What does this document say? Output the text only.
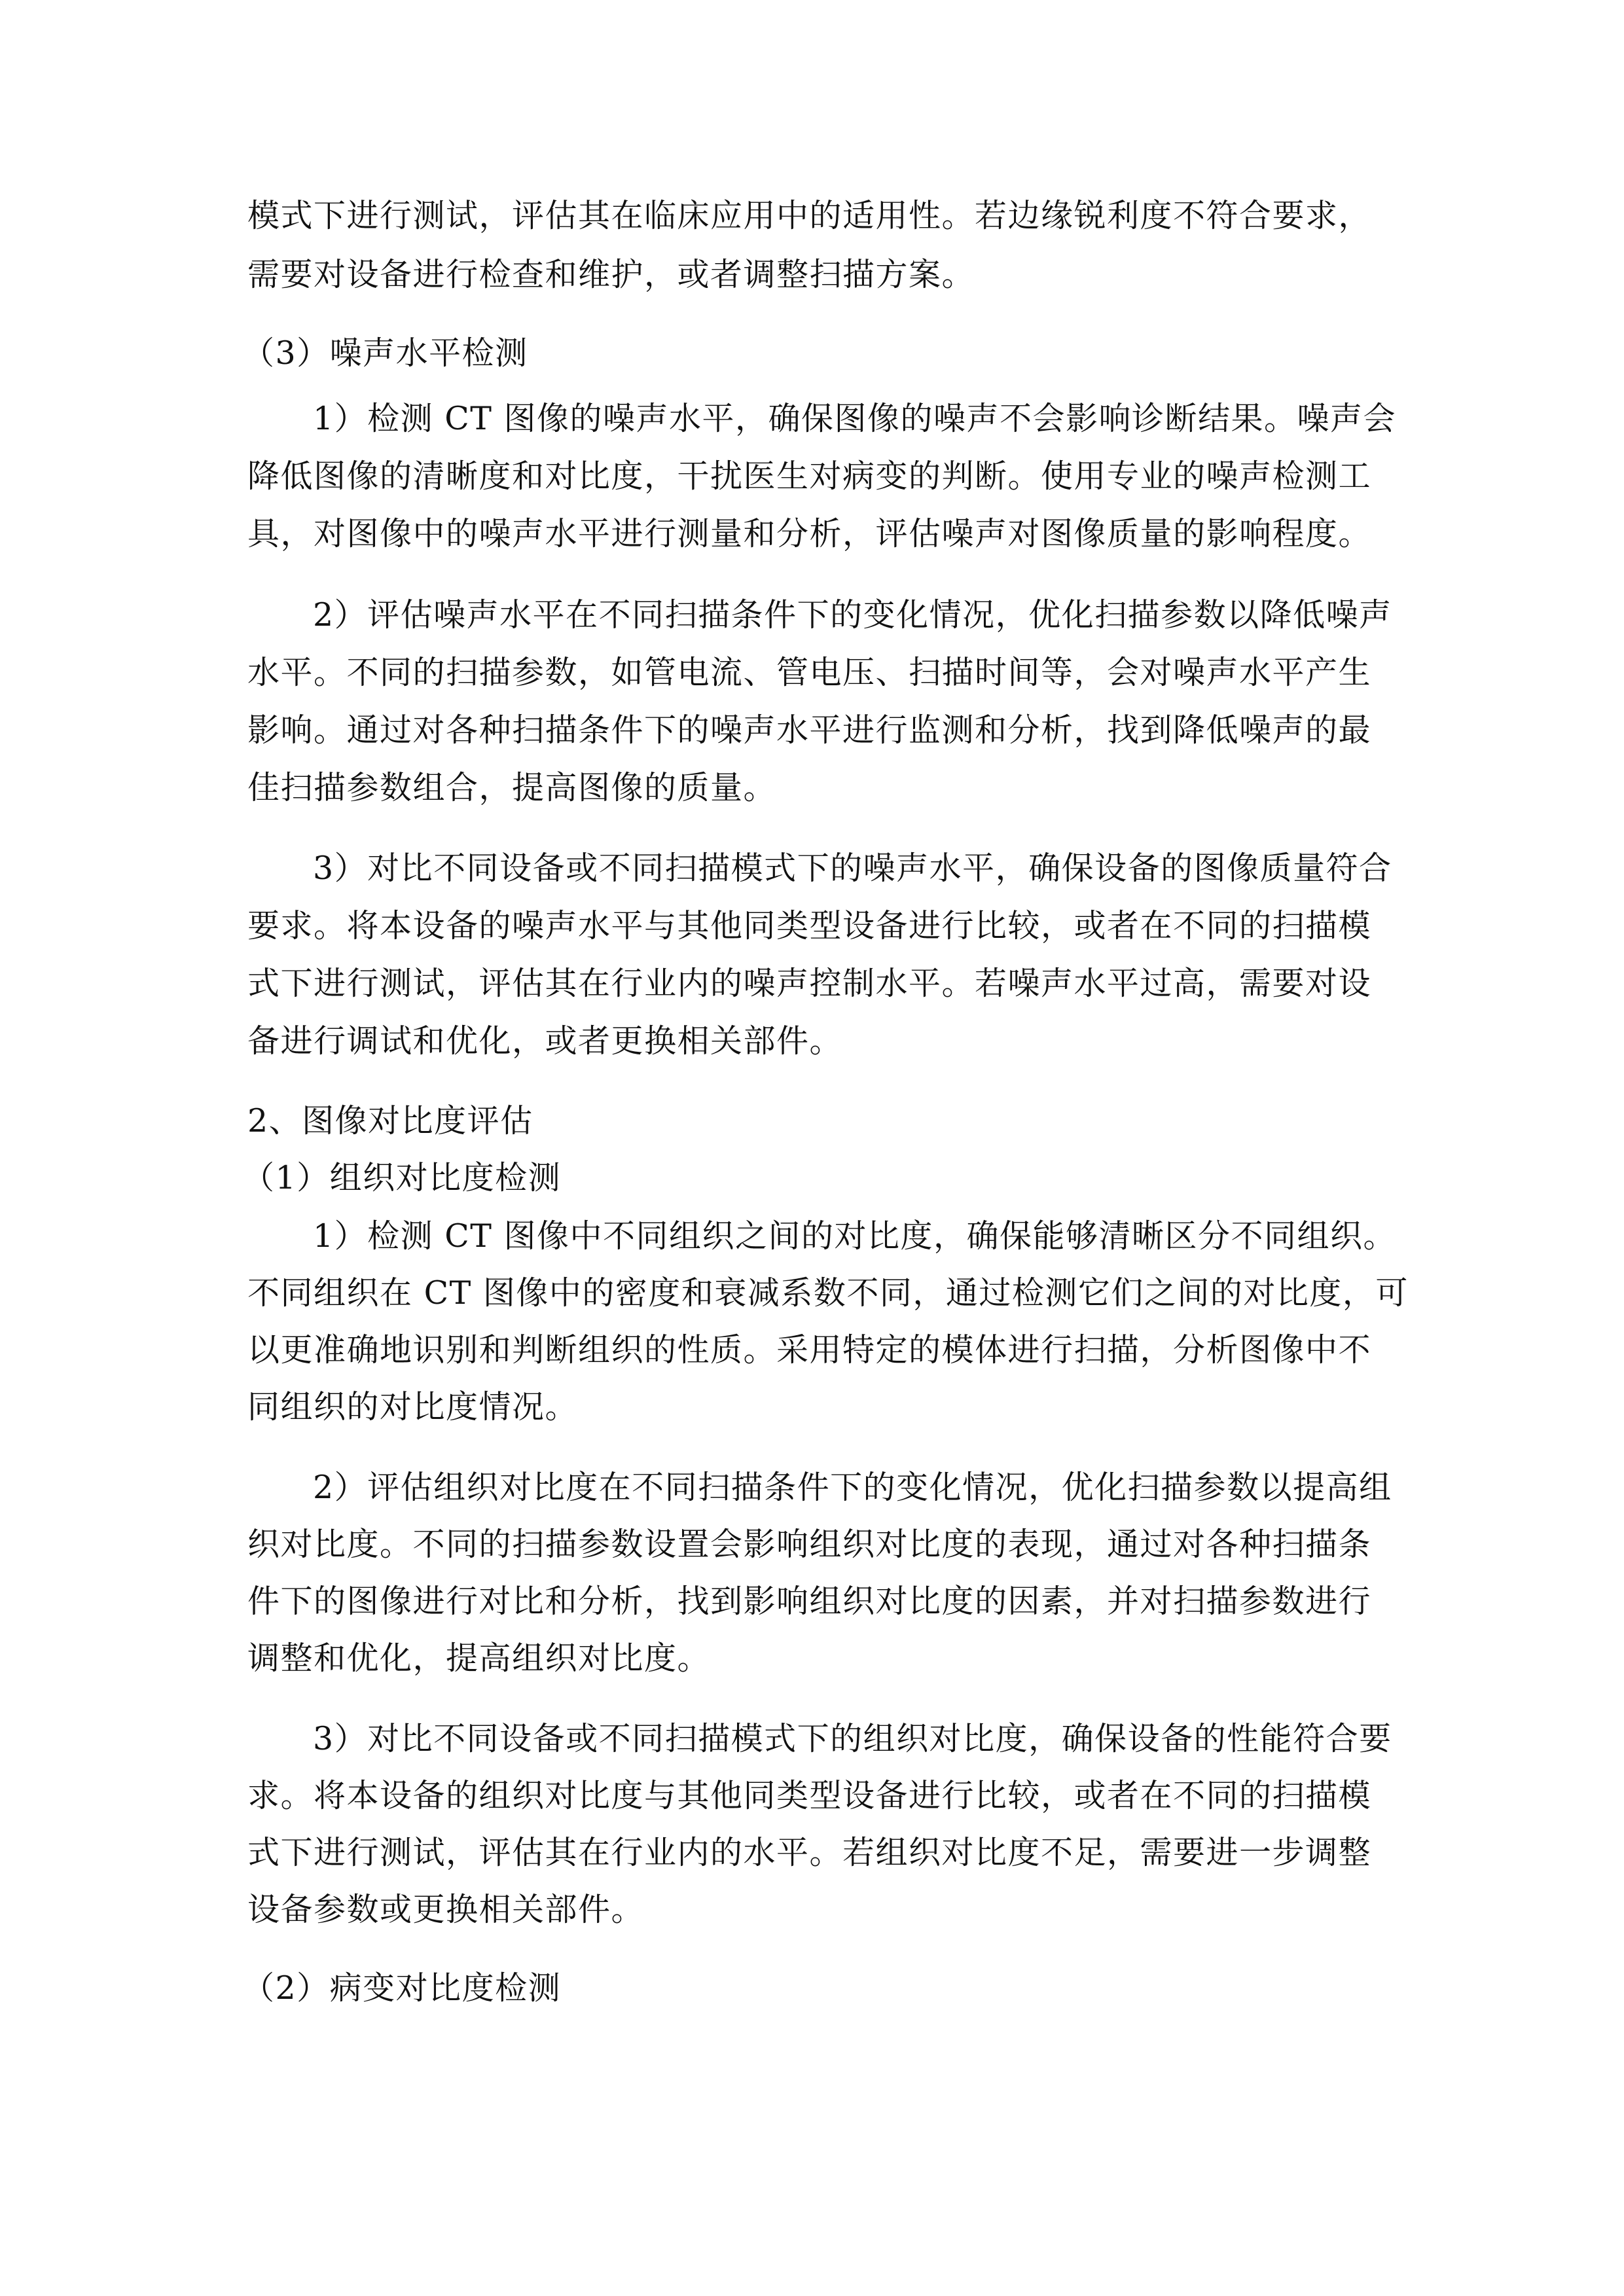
模式下进行测试，评估其在临床应用中的适用性。若边缘锐利度不符合要求，
需要对设备进行检查和维护，或者调整扫描方案。
（3）噪声水平检测
1）检测 CT 图像的噪声水平，确保图像的噪声不会影响诊断结果。噪声会
降低图像的清晰度和对比度，干扰医生对病变的判断。使用专业的噪声检测工
具，对图像中的噪声水平进行测量和分析，评估噪声对图像质量的影响程度。
2）评估噪声水平在不同扫描条件下的变化情况，优化扫描参数以降低噪声
水平。不同的扫描参数，如管电流、管电压、扫描时间等，会对噪声水平产生
影响。通过对各种扫描条件下的噪声水平进行监测和分析，找到降低噪声的最
佳扫描参数组合，提高图像的质量。
3）对比不同设备或不同扫描模式下的噪声水平，确保设备的图像质量符合
要求。将本设备的噪声水平与其他同类型设备进行比较，或者在不同的扫描模
式下进行测试，评估其在行业内的噪声控制水平。若噪声水平过高，需要对设
备进行调试和优化，或者更换相关部件。
2、图像对比度评估
（1）组织对比度检测
1）检测 CT 图像中不同组织之间的对比度，确保能够清晰区分不同组织。
不同组织在 CT 图像中的密度和衰减系数不同，通过检测它们之间的对比度，可
以更准确地识别和判断组织的性质。采用特定的模体进行扫描，分析图像中不
同组织的对比度情况。
2）评估组织对比度在不同扫描条件下的变化情况，优化扫描参数以提高组
织对比度。不同的扫描参数设置会影响组织对比度的表现，通过对各种扫描条
件下的图像进行对比和分析，找到影响组织对比度的因素，并对扫描参数进行
调整和优化，提高组织对比度。
3）对比不同设备或不同扫描模式下的组织对比度，确保设备的性能符合要
求。将本设备的组织对比度与其他同类型设备进行比较，或者在不同的扫描模
式下进行测试，评估其在行业内的水平。若组织对比度不足，需要进一步调整
设备参数或更换相关部件。
（2）病变对比度检测
